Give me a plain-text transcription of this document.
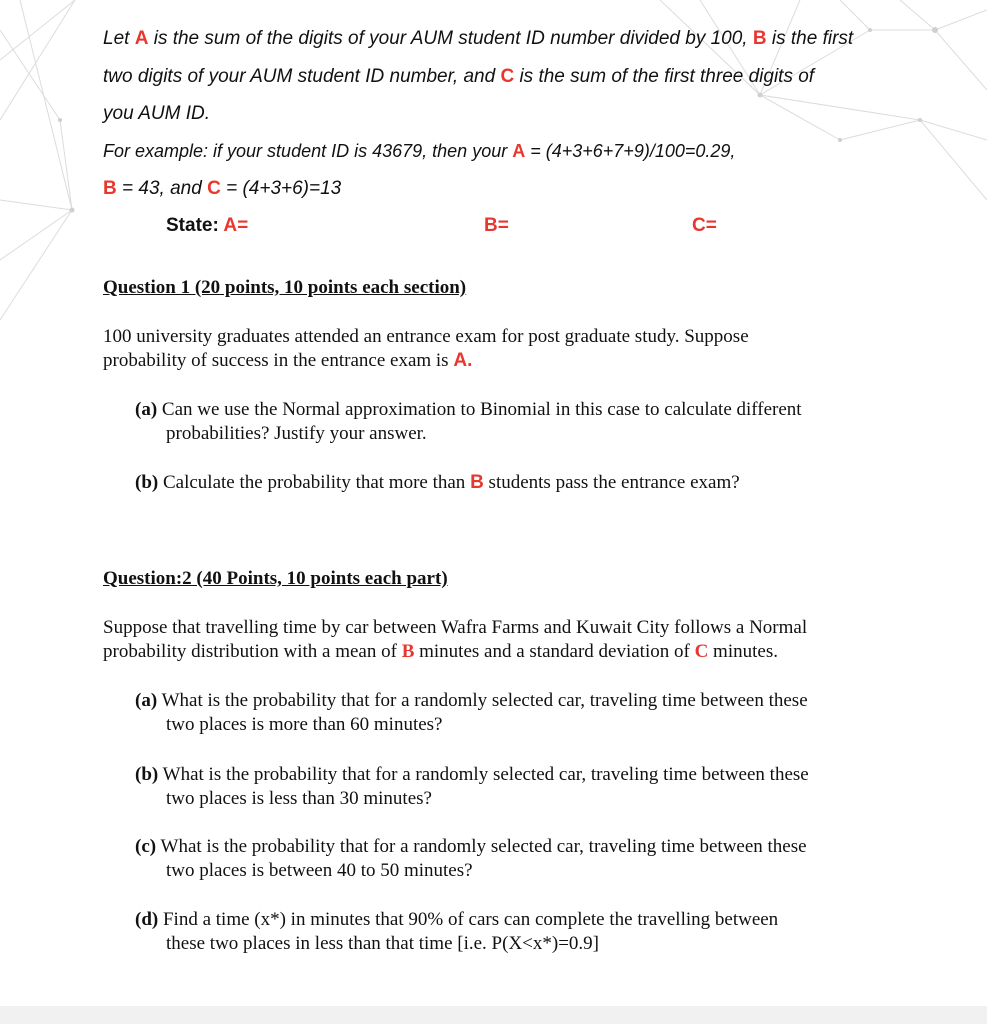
Let A is the sum of the digits of your AUM student ID number divided by 100, B is the first
two digits of your AUM student ID number, and C is the sum of the first three digits of
you AUM ID.
For example: if your student ID is 43679, then your A = (4+3+6+7+9)/100=0.29,
B = 43, and C = (4+3+6)=13
State: A=	B=	C=
Question 1 (20 points, 10 points each section)
100 university graduates attended an entrance exam for post graduate study. Suppose
probability of success in the entrance exam is A.
(a) Can we use the Normal approximation to Binomial in this case to calculate different
probabilities? Justify your answer.
(b) Calculate the probability that more than B students pass the entrance exam?
Question:2 (40 Points, 10 points each part)
Suppose that travelling time by car between Wafra Farms and Kuwait City follows a Normal
probability distribution with a mean of B minutes and a standard deviation of C minutes.
(a) What is the probability that for a randomly selected car, traveling time between these
two places is more than 60 minutes?
(b) What is the probability that for a randomly selected car, traveling time between these
two places is less than 30 minutes?
(c) What is the probability that for a randomly selected car, traveling time between these
two places is between 40 to 50 minutes?
(d) Find a time (x*) in minutes that 90% of cars can complete the travelling between
these two places in less than that time [i.e. P(X<x*)=0.9]
